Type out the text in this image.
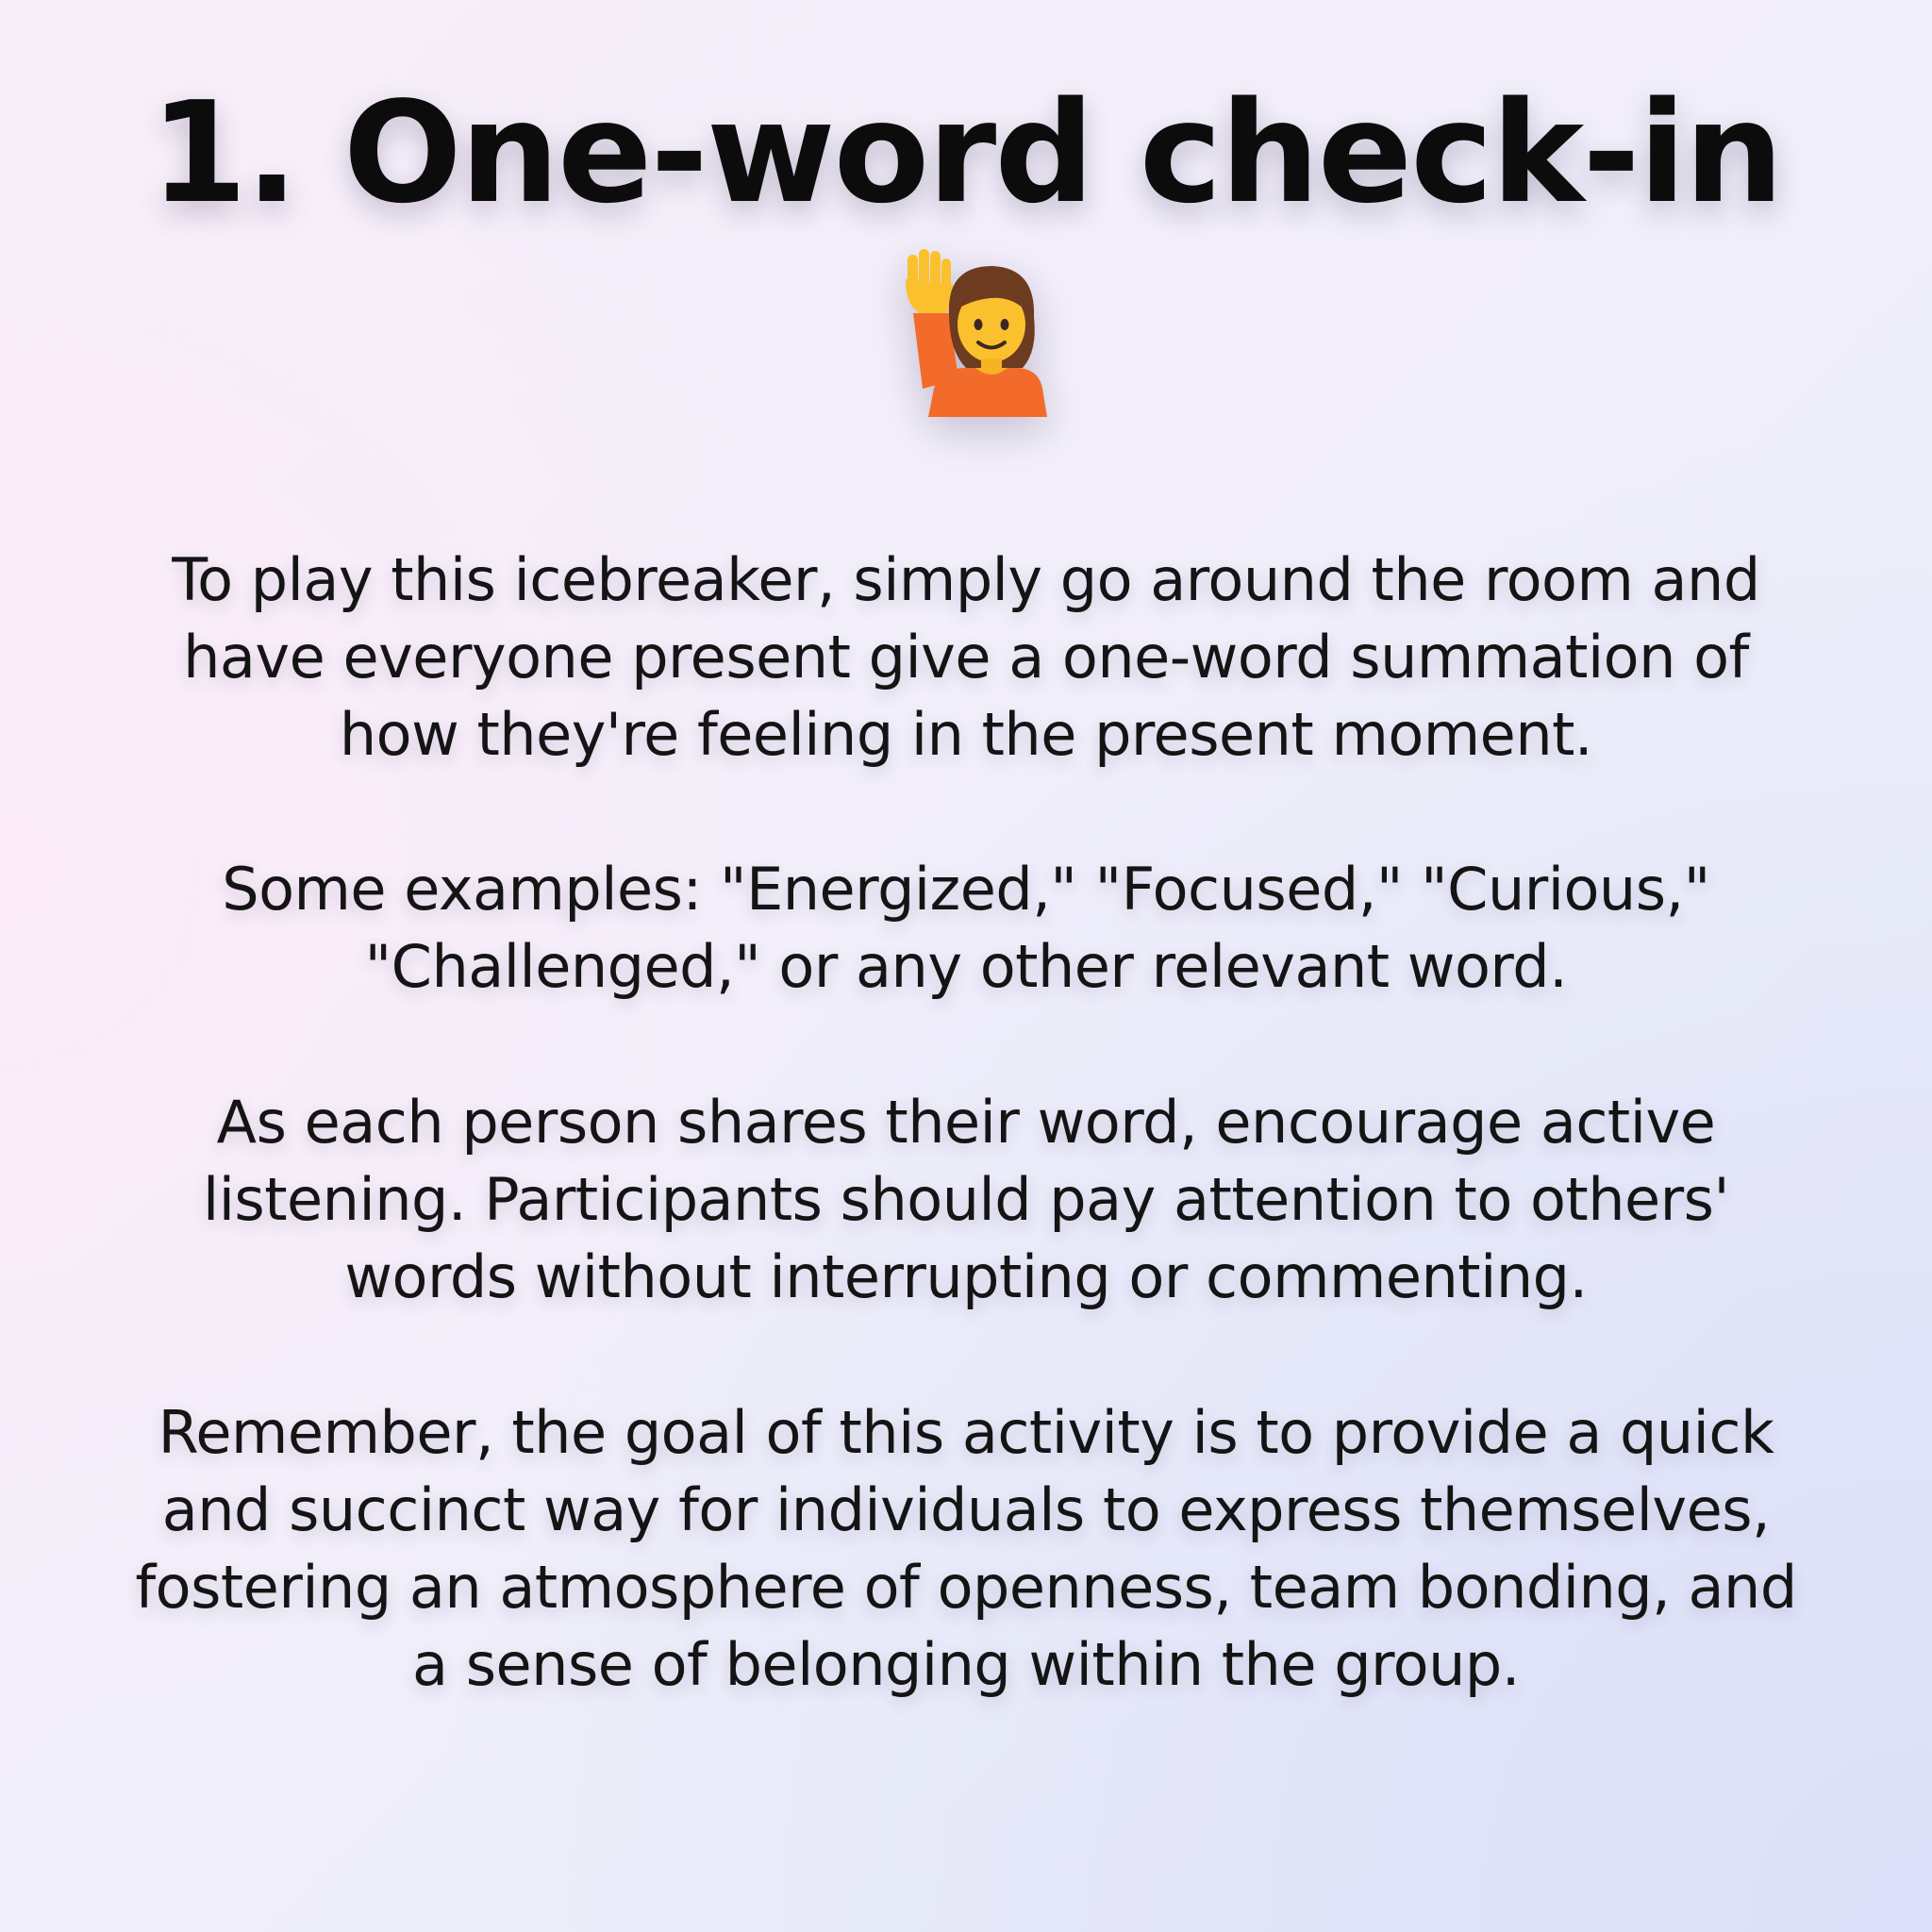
1. One-word check-in

To play this icebreaker, simply go around the room and have everyone present give a one-word summation of how they're feeling in the present moment.

Some examples: "Energized," "Focused," "Curious," "Challenged," or any other relevant word.

As each person shares their word, encourage active listening. Participants should pay attention to others' words without interrupting or commenting.

Remember, the goal of this activity is to provide a quick and succinct way for individuals to express themselves, fostering an atmosphere of openness, team bonding, and a sense of belonging within the group.
